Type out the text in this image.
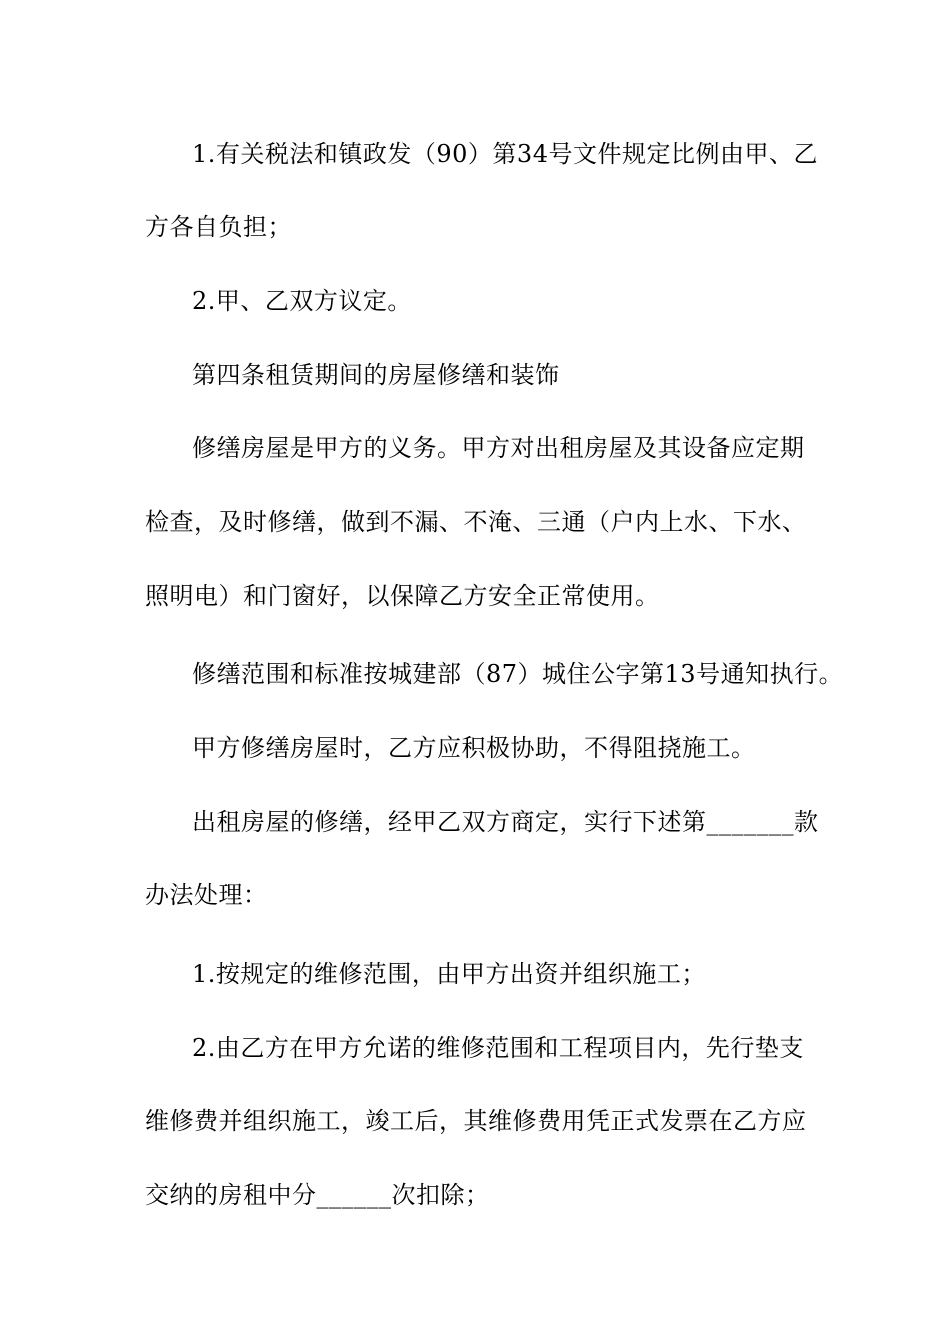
1.有关税法和镇政发（90）第34号文件规定比例由甲、乙
方各自负担；
2.甲、乙双方议定。
第四条租赁期间的房屋修缮和装饰
修缮房屋是甲方的义务。甲方对出租房屋及其设备应定期
检查，及时修缮，做到不漏、不淹、三通（户内上水、下水、
照明电）和门窗好，以保障乙方安全正常使用。
修缮范围和标准按城建部（87）城住公字第13号通知执行。
甲方修缮房屋时，乙方应积极协助，不得阻挠施工。
出租房屋的修缮，经甲乙双方商定，实行下述第_______款
办法处理：
1.按规定的维修范围，由甲方出资并组织施工；
2.由乙方在甲方允诺的维修范围和工程项目内，先行垫支
维修费并组织施工，竣工后，其维修费用凭正式发票在乙方应
交纳的房租中分______次扣除；
